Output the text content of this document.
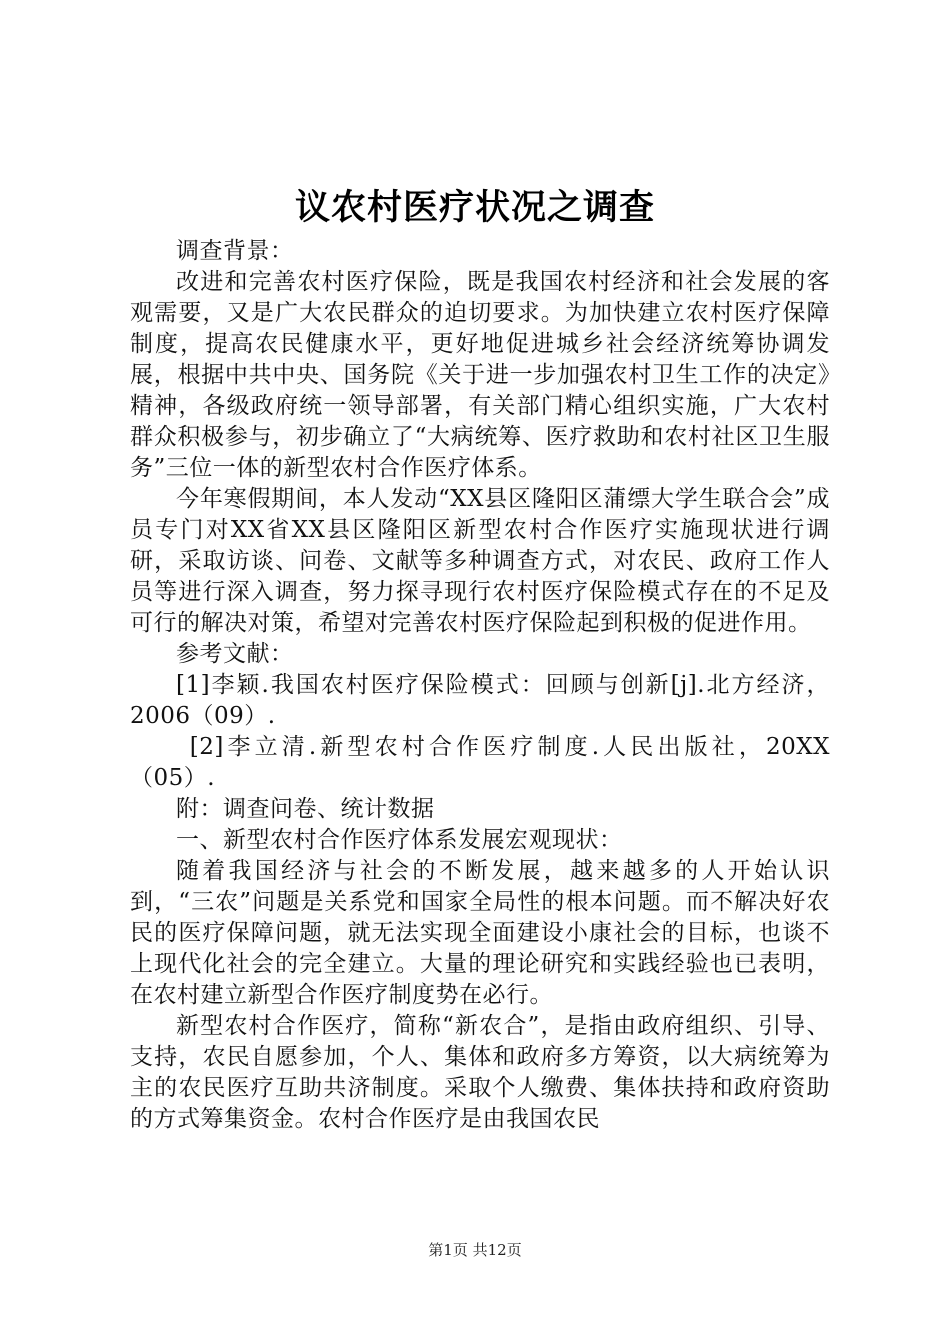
议农村医疗状况之调查

调查背景：

改进和完善农村医疗保险，既是我国农村经济和社会发展的客观需要，又是广大农民群众的迫切要求。为加快建立农村医疗保障制度，提高农民健康水平，更好地促进城乡社会经济统筹协调发展，根据中共中央、国务院《关于进一步加强农村卫生工作的决定》精神，各级政府统一领导部署，有关部门精心组织实施，广大农村群众积极参与，初步确立了“大病统筹、医疗救助和农村社区卫生服务”三位一体的新型农村合作医疗体系。

今年寒假期间，本人发动“XX县区隆阳区蒲缥大学生联合会”成员专门对XX省XX县区隆阳区新型农村合作医疗实施现状进行调研，采取访谈、问卷、文献等多种调查方式，对农民、政府工作人员等进行深入调查，努力探寻现行农村医疗保险模式存在的不足及可行的解决对策，希望对完善农村医疗保险起到积极的促进作用。

参考文献：

[1]李颖.我国农村医疗保险模式：回顾与创新[j].北方经济，2006（09）.

[2]李立清.新型农村合作医疗制度.人民出版社，20XX（05）.

附：调查问卷、统计数据

一、新型农村合作医疗体系发展宏观现状：

随着我国经济与社会的不断发展，越来越多的人开始认识到，“三农”问题是关系党和国家全局性的根本问题。而不解决好农民的医疗保障问题，就无法实现全面建设小康社会的目标，也谈不上现代化社会的完全建立。大量的理论研究和实践经验也已表明，在农村建立新型合作医疗制度势在必行。

新型农村合作医疗，简称“新农合”，是指由政府组织、引导、支持，农民自愿参加，个人、集体和政府多方筹资，以大病统筹为主的农民医疗互助共济制度。采取个人缴费、集体扶持和政府资助的方式筹集资金。农村合作医疗是由我国农民

第1页 共12页
